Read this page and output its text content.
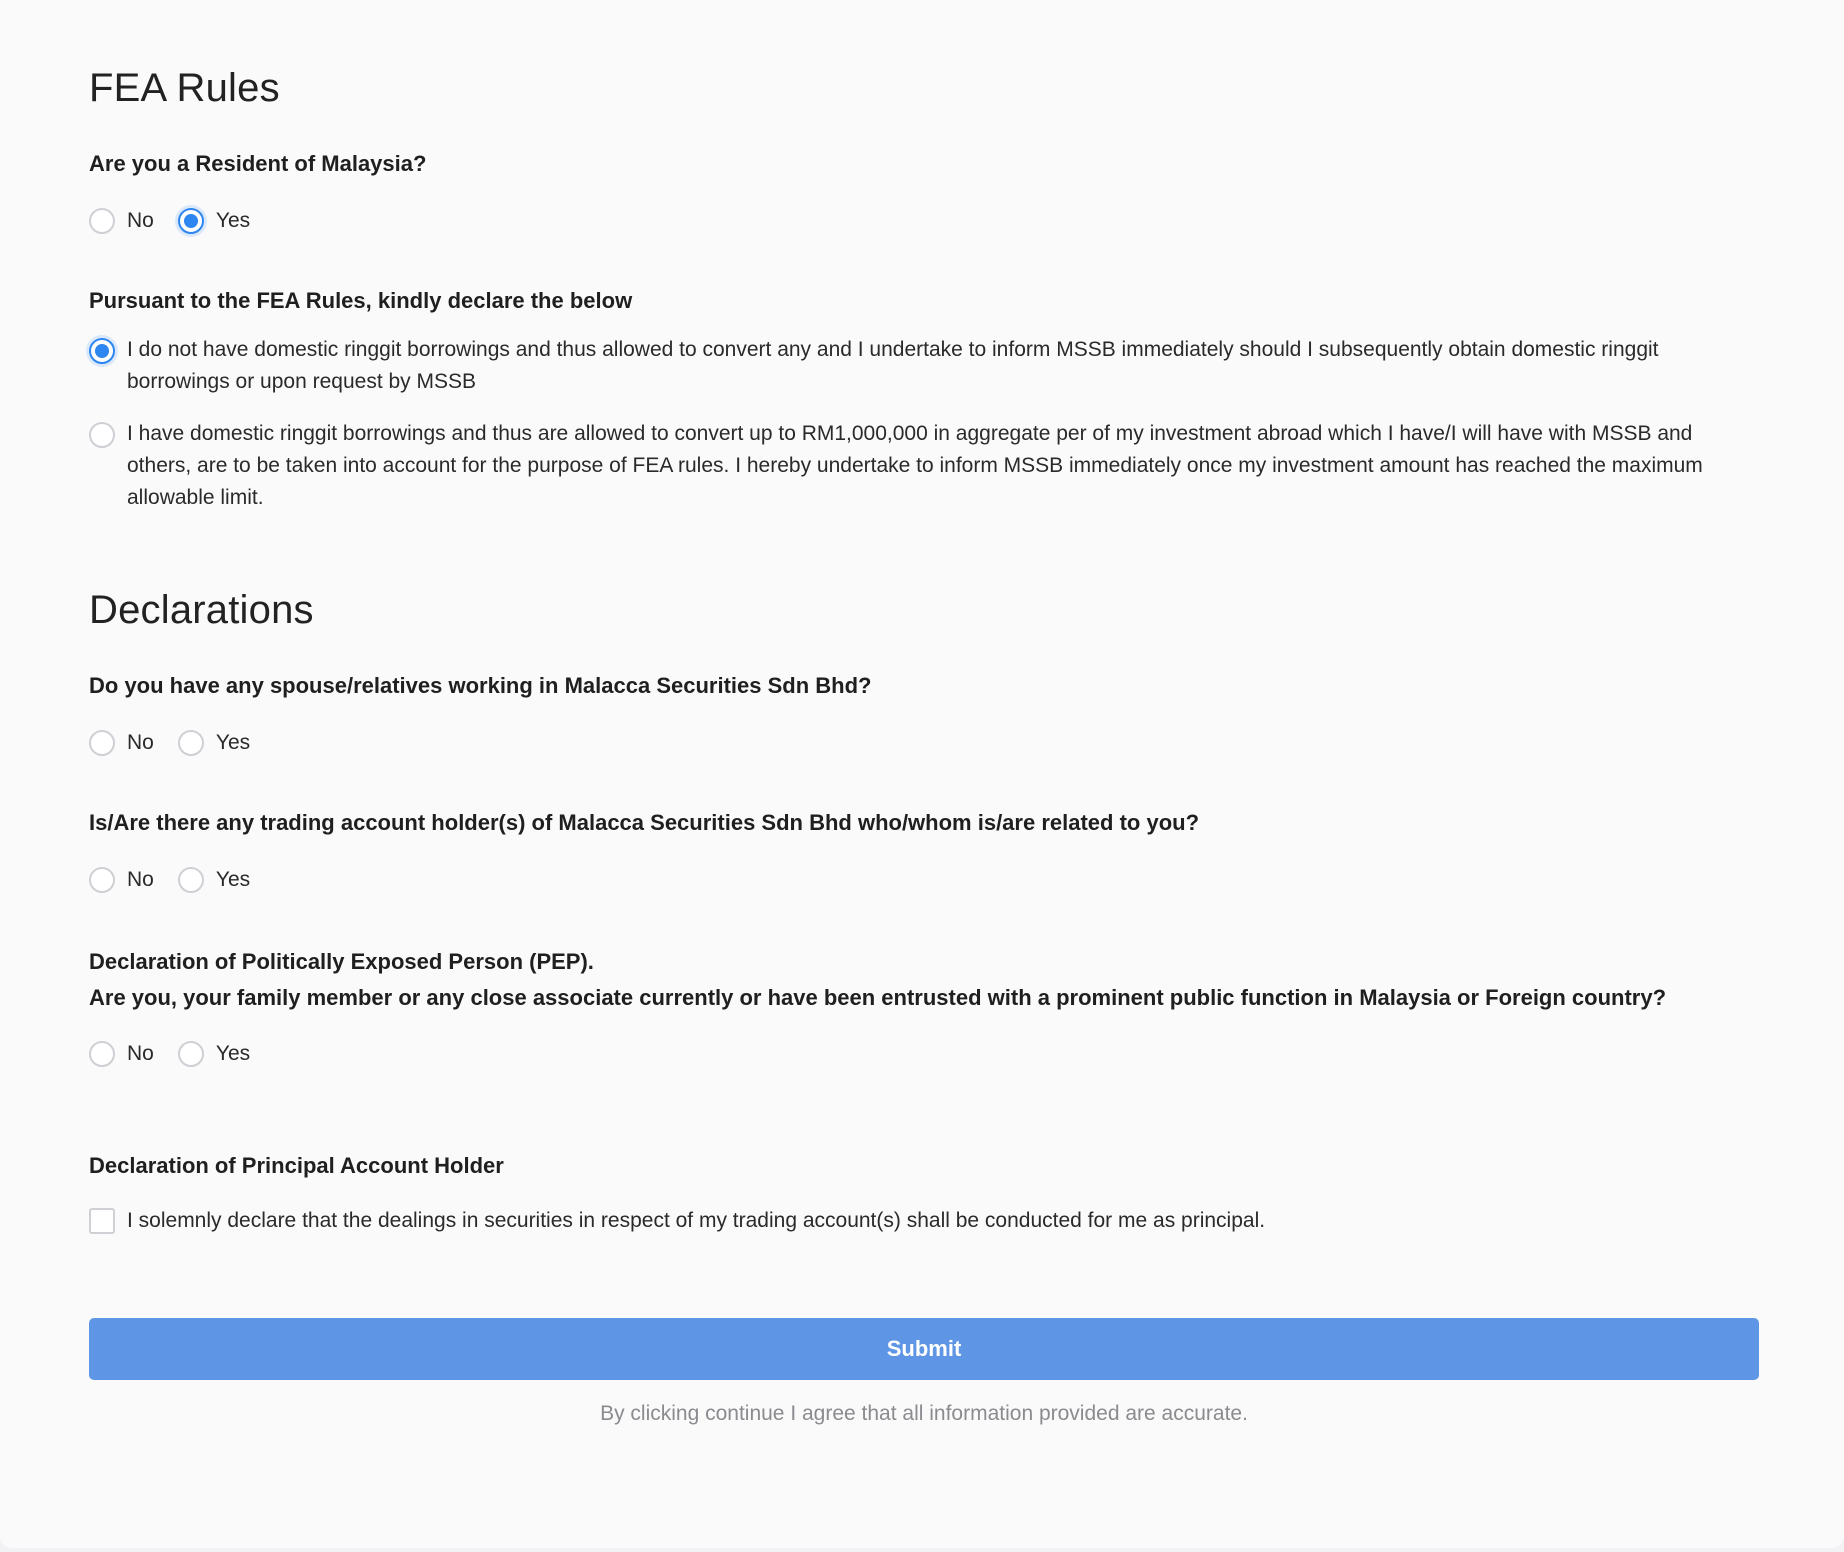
FEA Rules
Are you a Resident of Malaysia?
No	Yes
Pursuant to the FEA Rules, kindly declare the below
I do not have domestic ringgit borrowings and thus allowed to convert any and I undertake to inform MSSB immediately should I subsequently obtain domestic ringgit borrowings or upon request by MSSB
I have domestic ringgit borrowings and thus are allowed to convert up to RM1,000,000 in aggregate per of my investment abroad which I have/I will have with MSSB and others, are to be taken into account for the purpose of FEA rules. I hereby undertake to inform MSSB immediately once my investment amount has reached the maximum allowable limit.
Declarations
Do you have any spouse/relatives working in Malacca Securities Sdn Bhd?
No	Yes
Is/Are there any trading account holder(s) of Malacca Securities Sdn Bhd who/whom is/are related to you?
No	Yes
Declaration of Politically Exposed Person (PEP).
Are you, your family member or any close associate currently or have been entrusted with a prominent public function in Malaysia or Foreign country?
No	Yes
Declaration of Principal Account Holder
I solemnly declare that the dealings in securities in respect of my trading account(s) shall be conducted for me as principal.
Submit
By clicking continue I agree that all information provided are accurate.
